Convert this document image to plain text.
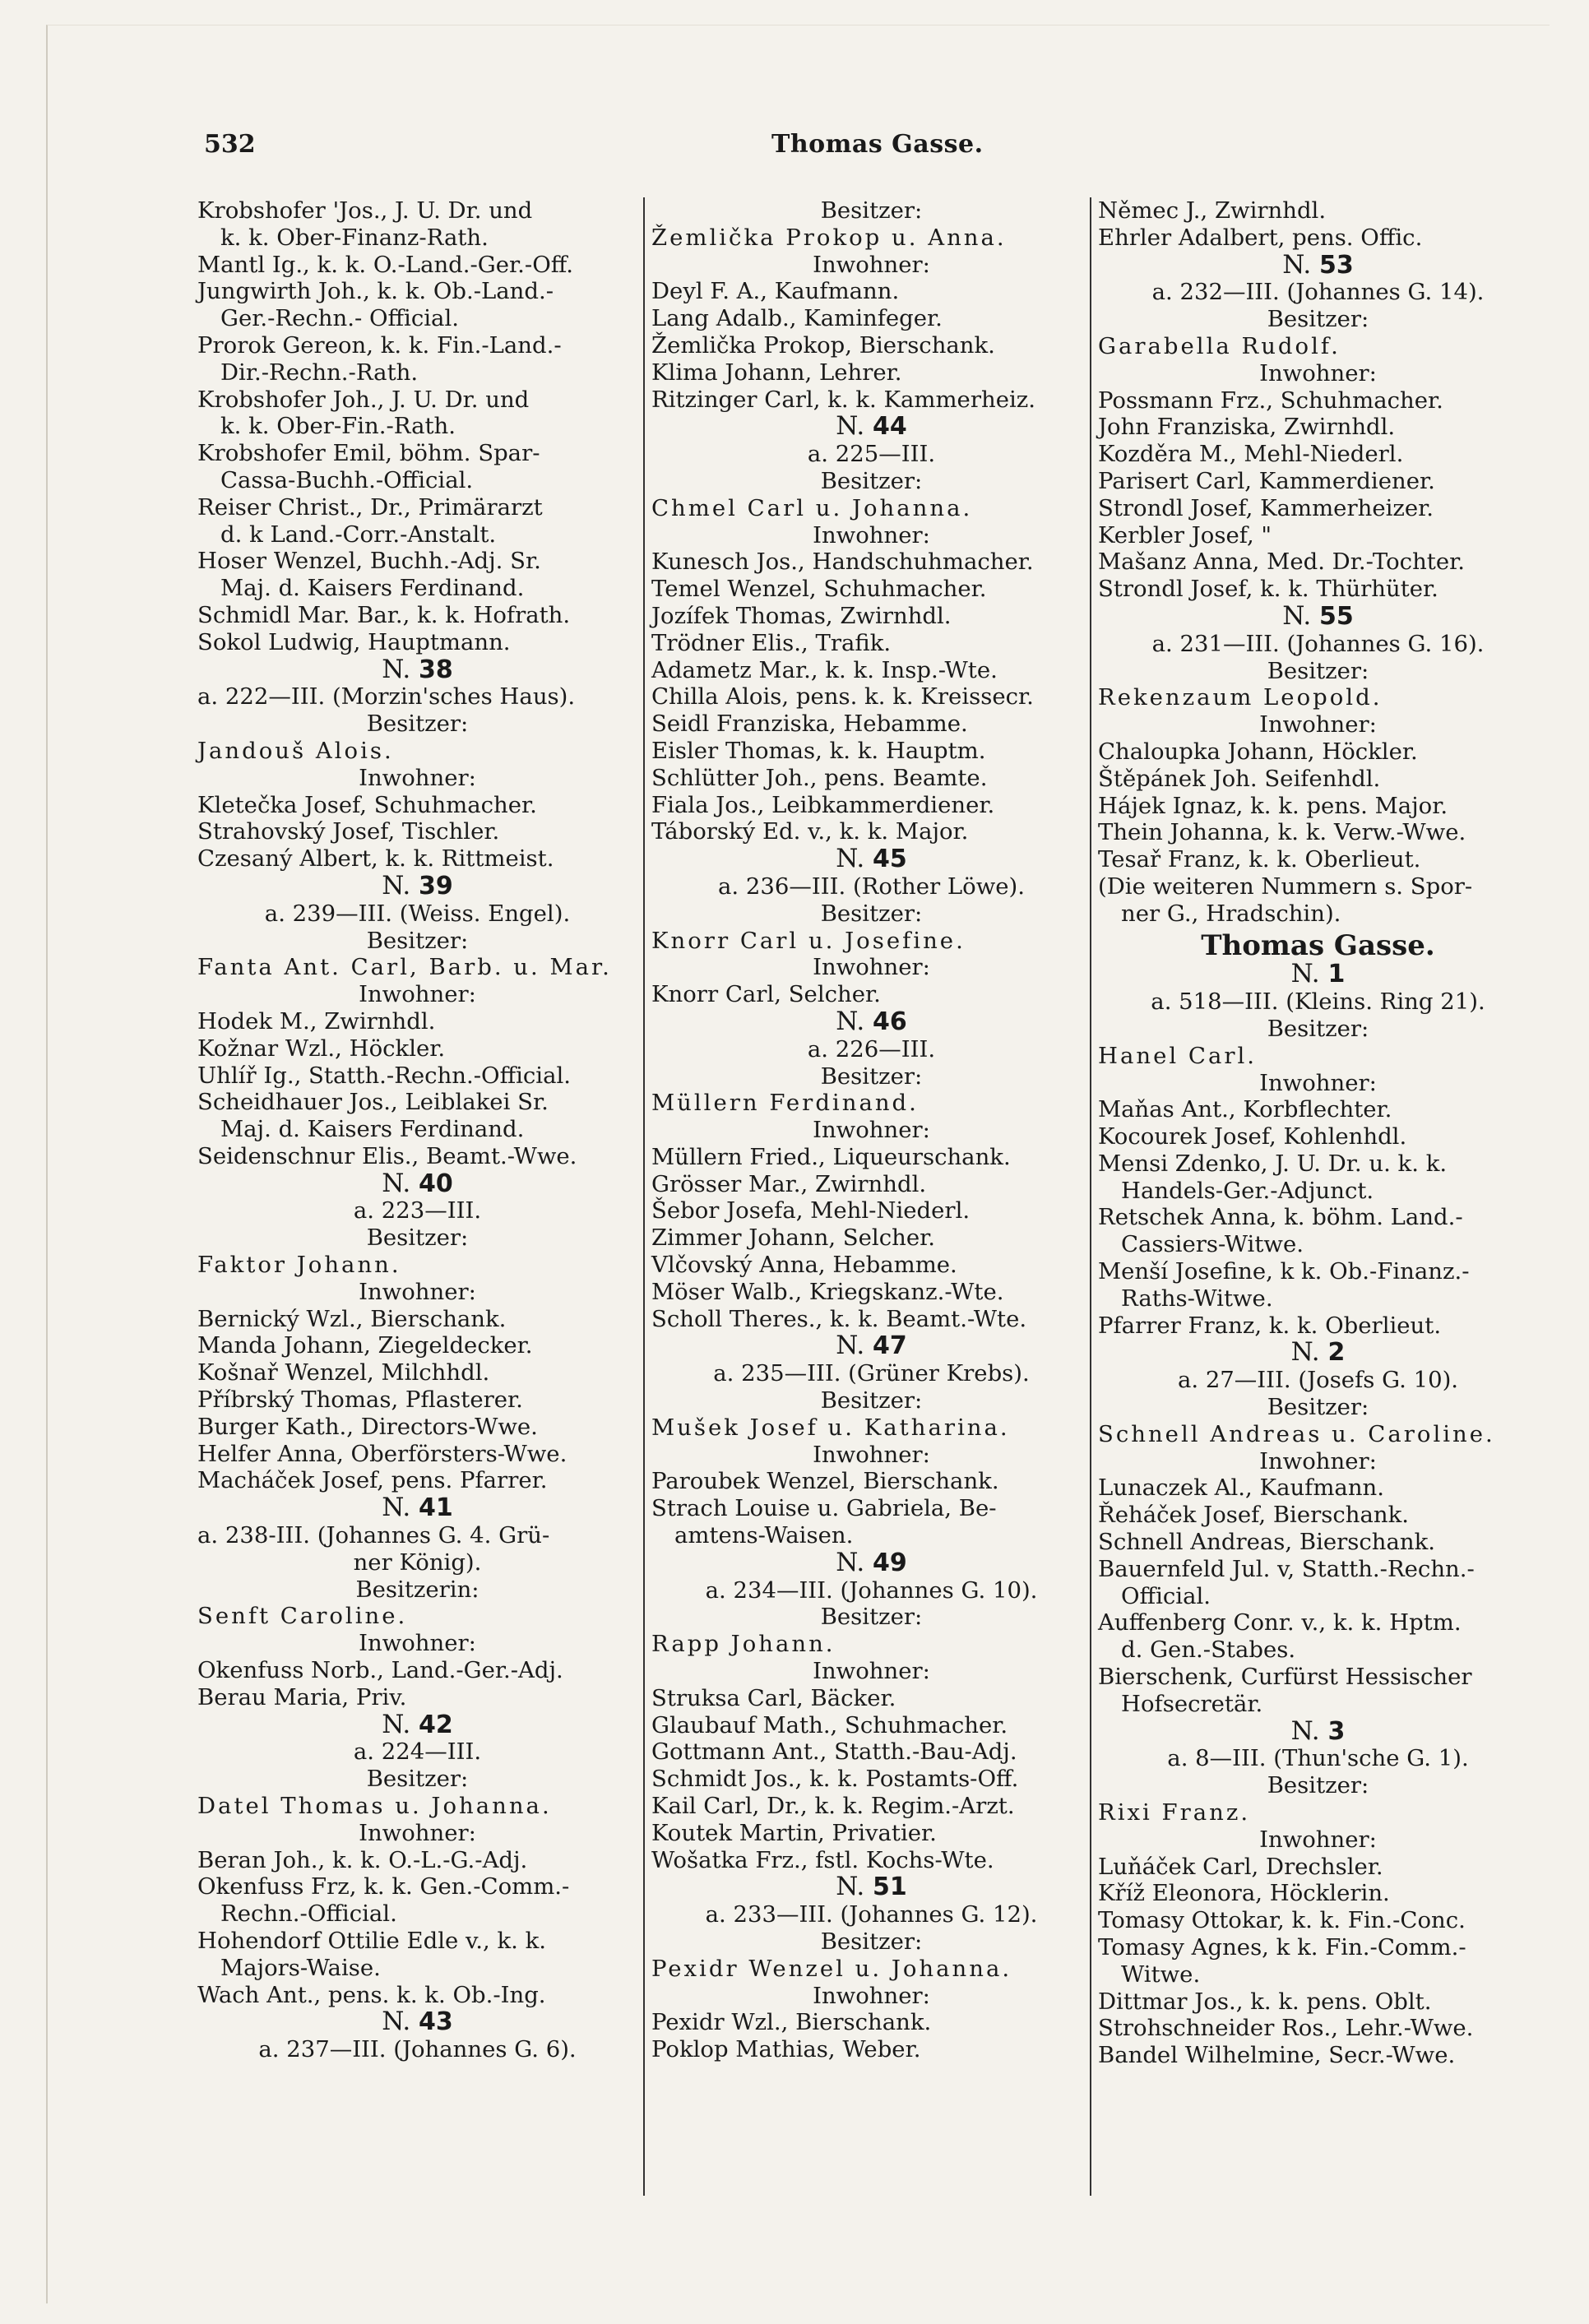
532	Thomas Gasse.
Krobshofer 'Jos., J. U. Dr. und
k. k. Ober-Finanz-Rath.
Mantl Ig., k. k. O.-Land.-Ger.-Off.
Jungwirth Joh., k. k. Ob.-Land.-
Ger.-Rechn.- Official.
Prorok Gereon, k. k. Fin.-Land.-
Dir.-Rechn.-Rath.
Krobshofer Joh., J. U. Dr. und
k. k. Ober-Fin.-Rath.
Krobshofer Emil, böhm. Spar-
Cassa-Buchh.-Official.
Reiser Christ., Dr., Primärarzt
d. k Land.-Corr.-Anstalt.
Hoser Wenzel, Buchh.-Adj. Sr.
Maj. d. Kaisers Ferdinand.
Schmidl Mar. Bar., k. k. Hofrath.
Sokol Ludwig, Hauptmann.
N. 38
a. 222—III. (Morzin'sches Haus).
Besitzer:
Jandouš Alois.
Inwohner:
Kletečka Josef, Schuhmacher.
Strahovský Josef, Tischler.
Czesaný Albert, k. k. Rittmeist.
N. 39
a. 239—III. (Weiss. Engel).
Besitzer:
Fanta Ant. Carl, Barb. u. Mar.
Inwohner:
Hodek M., Zwirnhdl.
Kožnar Wzl., Höckler.
Uhlíř Ig., Statth.-Rechn.-Official.
Scheidhauer Jos., Leiblakei Sr.
Maj. d. Kaisers Ferdinand.
Seidenschnur Elis., Beamt.-Wwe.
N. 40
a. 223—III.
Besitzer:
Faktor Johann.
Inwohner:
Bernický Wzl., Bierschank.
Manda Johann, Ziegeldecker.
Košnař Wenzel, Milchhdl.
Příbrský Thomas, Pflasterer.
Burger Kath., Directors-Wwe.
Helfer Anna, Oberförsters-Wwe.
Macháček Josef, pens. Pfarrer.
N. 41
a. 238-III. (Johannes G. 4. Grü-
ner König).
Besitzerin:
Senft Caroline.
Inwohner:
Okenfuss Norb., Land.-Ger.-Adj.
Berau Maria, Priv.
N. 42
a. 224—III.
Besitzer:
Datel Thomas u. Johanna.
Inwohner:
Beran Joh., k. k. O.-L.-G.-Adj.
Okenfuss Frz, k. k. Gen.-Comm.-
Rechn.-Official.
Hohendorf Ottilie Edle v., k. k.
Majors-Waise.
Wach Ant., pens. k. k. Ob.-Ing.
N. 43
a. 237—III. (Johannes G. 6).
Besitzer:
Žemlička Prokop u. Anna.
Inwohner:
Deyl F. A., Kaufmann.
Lang Adalb., Kaminfeger.
Žemlička Prokop, Bierschank.
Klima Johann, Lehrer.
Ritzinger Carl, k. k. Kammerheiz.
N. 44
a. 225—III.
Besitzer:
Chmel Carl u. Johanna.
Inwohner:
Kunesch Jos., Handschuhmacher.
Temel Wenzel, Schuhmacher.
Jozífek Thomas, Zwirnhdl.
Trödner Elis., Trafik.
Adametz Mar., k. k. Insp.-Wte.
Chilla Alois, pens. k. k. Kreissecr.
Seidl Franziska, Hebamme.
Eisler Thomas, k. k. Hauptm.
Schlütter Joh., pens. Beamte.
Fiala Jos., Leibkammerdiener.
Táborský Ed. v., k. k. Major.
N. 45
a. 236—III. (Rother Löwe).
Besitzer:
Knorr Carl u. Josefine.
Inwohner:
Knorr Carl, Selcher.
N. 46
a. 226—III.
Besitzer:
Müllern Ferdinand.
Inwohner:
Müllern Fried., Liqueurschank.
Grösser Mar., Zwirnhdl.
Šebor Josefa, Mehl-Niederl.
Zimmer Johann, Selcher.
Vlčovský Anna, Hebamme.
Möser Walb., Kriegskanz.-Wte.
Scholl Theres., k. k. Beamt.-Wte.
N. 47
a. 235—III. (Grüner Krebs).
Besitzer:
Mušek Josef u. Katharina.
Inwohner:
Paroubek Wenzel, Bierschank.
Strach Louise u. Gabriela, Be-
amtens-Waisen.
N. 49
a. 234—III. (Johannes G. 10).
Besitzer:
Rapp Johann.
Inwohner:
Struksa Carl, Bäcker.
Glaubauf Math., Schuhmacher.
Gottmann Ant., Statth.-Bau-Adj.
Schmidt Jos., k. k. Postamts-Off.
Kail Carl, Dr., k. k. Regim.-Arzt.
Koutek Martin, Privatier.
Wošatka Frz., fstl. Kochs-Wte.
N. 51
a. 233—III. (Johannes G. 12).
Besitzer:
Pexidr Wenzel u. Johanna.
Inwohner:
Pexidr Wzl., Bierschank.
Poklop Mathias, Weber.
Němec J., Zwirnhdl.
Ehrler Adalbert, pens. Offic.
N. 53
a. 232—III. (Johannes G. 14).
Besitzer:
Garabella Rudolf.
Inwohner:
Possmann Frz., Schuhmacher.
John Franziska, Zwirnhdl.
Kozděra M., Mehl-Niederl.
Parisert Carl, Kammerdiener.
Strondl Josef, Kammerheizer.
Kerbler Josef, "
Mašanz Anna, Med. Dr.-Tochter.
Strondl Josef, k. k. Thürhüter.
N. 55
a. 231—III. (Johannes G. 16).
Besitzer:
Rekenzaum Leopold.
Inwohner:
Chaloupka Johann, Höckler.
Štěpánek Joh. Seifenhdl.
Hájek Ignaz, k. k. pens. Major.
Thein Johanna, k. k. Verw.-Wwe.
Tesař Franz, k. k. Oberlieut.
(Die weiteren Nummern s. Spor-
ner G., Hradschin).
Thomas Gasse.
N. 1
a. 518—III. (Kleins. Ring 21).
Besitzer:
Hanel Carl.
Inwohner:
Maňas Ant., Korbflechter.
Kocourek Josef, Kohlenhdl.
Mensi Zdenko, J. U. Dr. u. k. k.
Handels-Ger.-Adjunct.
Retschek Anna, k. böhm. Land.-
Cassiers-Witwe.
Menší Josefine, k k. Ob.-Finanz.-
Raths-Witwe.
Pfarrer Franz, k. k. Oberlieut.
N. 2
a. 27—III. (Josefs G. 10).
Besitzer:
Schnell Andreas u. Caroline.
Inwohner:
Lunaczek Al., Kaufmann.
Řeháček Josef, Bierschank.
Schnell Andreas, Bierschank.
Bauernfeld Jul. v, Statth.-Rechn.-
Official.
Auffenberg Conr. v., k. k. Hptm.
d. Gen.-Stabes.
Bierschenk, Curfürst Hessischer
Hofsecretär.
N. 3
a. 8—III. (Thun'sche G. 1).
Besitzer:
Rixi Franz.
Inwohner:
Luňáček Carl, Drechsler.
Kříž Eleonora, Höcklerin.
Tomasy Ottokar, k. k. Fin.-Conc.
Tomasy Agnes, k k. Fin.-Comm.-
Witwe.
Dittmar Jos., k. k. pens. Oblt.
Strohschneider Ros., Lehr.-Wwe.
Bandel Wilhelmine, Secr.-Wwe.
